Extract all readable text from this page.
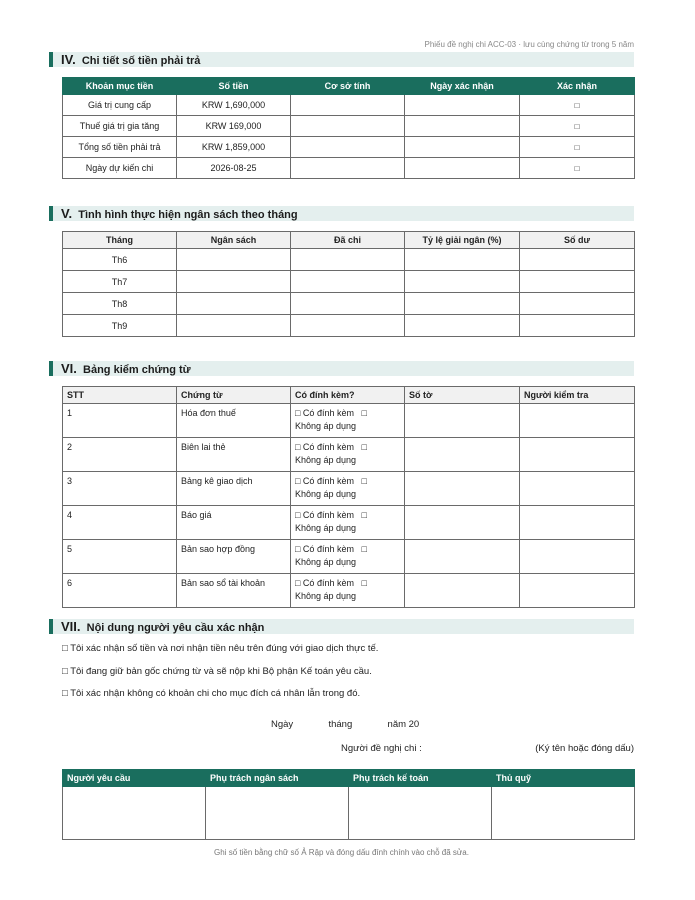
Phiếu đề nghị chi ACC-03 · lưu cùng chứng từ trong 5 năm
IV. Chi tiết số tiền phải trả
Khoản mục tiền	Số tiền	Cơ sở tính	Ngày xác nhận	Xác nhận
Giá trị cung cấp	KRW 1,690,000			□
Thuế giá trị gia tăng	KRW 169,000			□
Tổng số tiền phải trả	KRW 1,859,000			□
Ngày dự kiến chi	2026-08-25			□
V. Tình hình thực hiện ngân sách theo tháng
Tháng	Ngân sách	Đã chi	Tỷ lệ giải ngân (%)	Số dư
Th6				
Th7				
Th8				
Th9				
VI. Bảng kiểm chứng từ
STT	Chứng từ	Có đính kèm?	Số tờ	Người kiểm tra
1	Hóa đơn thuế	□ Có đính kèm □
Không áp dụng		
2	Biên lai thẻ	□ Có đính kèm □
Không áp dụng		
3	Bảng kê giao dịch	□ Có đính kèm □
Không áp dụng		
4	Báo giá	□ Có đính kèm □
Không áp dụng		
5	Bản sao hợp đồng	□ Có đính kèm □
Không áp dụng		
6	Bản sao sổ tài khoản	□ Có đính kèm □
Không áp dụng		
VII. Nội dung người yêu cầu xác nhận
□ Tôi xác nhận số tiền và nơi nhận tiền nêu trên đúng với giao dịch thực tế.
□ Tôi đang giữ bản gốc chứng từ và sẽ nộp khi Bộ phận Kế toán yêu cầu.
□ Tôi xác nhận không có khoản chi cho mục đích cá nhân lẫn trong đó.
Ngày	tháng	năm 20
Người đề nghị chi :	(Ký tên hoặc đóng dấu)
Người yêu cầu	Phụ trách ngân sách	Phụ trách kế toán	Thủ quỹ

Ghi số tiền bằng chữ số Ả Rập và đóng dấu đính chính vào chỗ đã sửa.
